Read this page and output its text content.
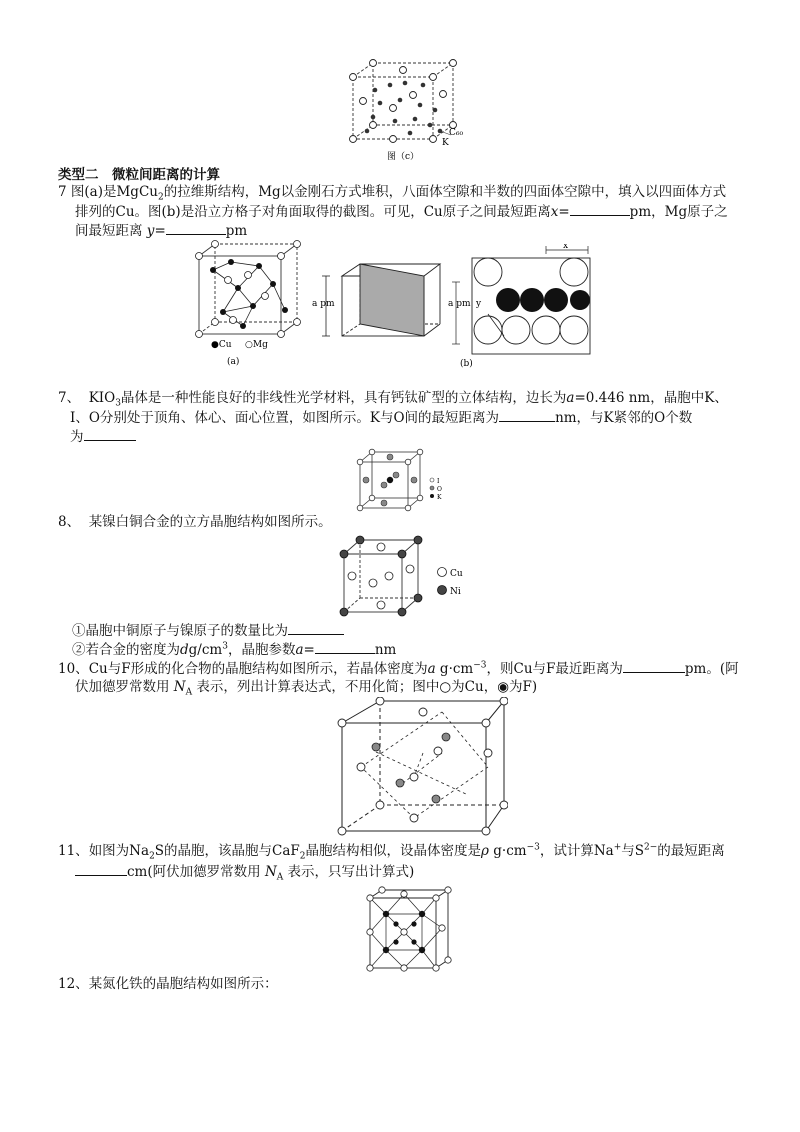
K
C₆₀
图（c）
类型二　微粒间距离的计算
7 图(a)是MgCu$_2$的拉维斯结构，Mg以金刚石方式堆积，八面体空隙和半数的四面体空隙中，填入以四面体方式
排列的Cu。图(b)是沿立方格子对角面取得的截图。可见，Cu原子之间最短距离x=	pm，Mg原子之
间最短距离 y=	pm
●Cu ○Mg
(a)
a pm
x
a pm y
(b)
7、 $KIO_3$晶体是一种性能良好的非线性光学材料，具有钙钛矿型的立体结构，边长为a=0.446 nm，晶胞中K、
I、O分别处于顶角、体心、面心位置，如图所示。K与O间的最短距离为	nm，与K紧邻的O个数
为
I
O
K
8、 某镍白铜合金的立方晶胞结构如图所示。
Cu
Ni
①晶胞中铜原子与镍原子的数量比为
②若合金的密度为$dg/cm^3$，晶胞参数a=	nm
10、Cu与F形成的化合物的晶胞结构如图所示，若晶体密度为a $g\cdot cm^{-3}$，则Cu与F最近距离为	pm。(阿
伏加德罗常数用 $N_A$ 表示，列出计算表达式，不用化简；图中○为Cu，◉为F)
11、如图为$Na_2S$的晶胞，该晶胞与CaF$_2$晶胞结构相似，设晶体密度是ρ $g\cdot cm^{-3}$，试计算Na+与$S^{2-}$的最短距离
cm(阿伏加德罗常数用 $N_A$ 表示，只写出计算式)
12、某氮化铁的晶胞结构如图所示：
